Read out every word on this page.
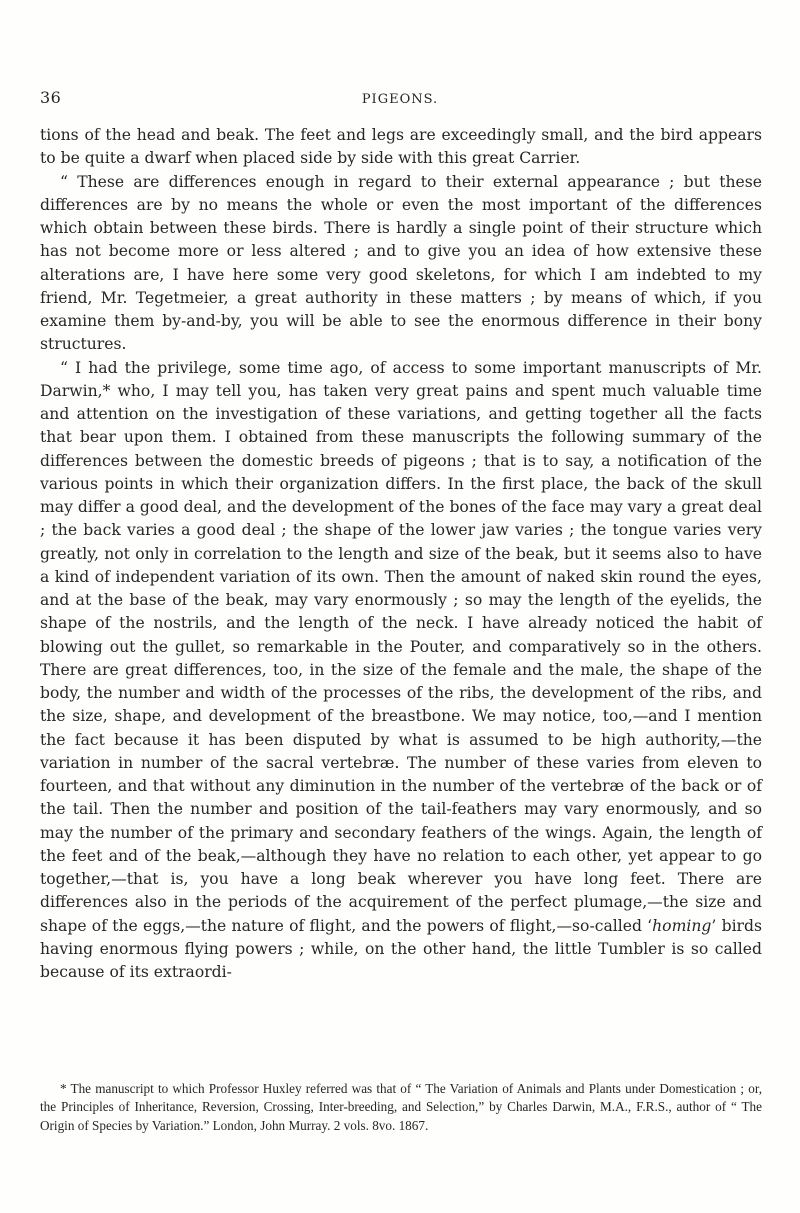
36	PIGEONS.

tions of the head and beak. The feet and legs are exceedingly small, and the bird appears to be quite a dwarf when placed side by side with this great Carrier.

“ These are differences enough in regard to their external appearance ; but these differences are by no means the whole or even the most important of the differences which obtain between these birds. There is hardly a single point of their structure which has not become more or less altered ; and to give you an idea of how extensive these alterations are, I have here some very good skeletons, for which I am indebted to my friend, Mr. Tegetmeier, a great authority in these matters ; by means of which, if you examine them by-and-by, you will be able to see the enormous difference in their bony structures.

“ I had the privilege, some time ago, of access to some important manuscripts of Mr. Darwin,* who, I may tell you, has taken very great pains and spent much valuable time and attention on the investigation of these variations, and getting together all the facts that bear upon them. I obtained from these manuscripts the following summary of the differences between the domestic breeds of pigeons ; that is to say, a notification of the various points in which their organization differs. In the first place, the back of the skull may differ a good deal, and the development of the bones of the face may vary a great deal ; the back varies a good deal ; the shape of the lower jaw varies ; the tongue varies very greatly, not only in correlation to the length and size of the beak, but it seems also to have a kind of independent variation of its own. Then the amount of naked skin round the eyes, and at the base of the beak, may vary enormously ; so may the length of the eyelids, the shape of the nostrils, and the length of the neck. I have already noticed the habit of blowing out the gullet, so remarkable in the Pouter, and comparatively so in the others. There are great differences, too, in the size of the female and the male, the shape of the body, the number and width of the processes of the ribs, the development of the ribs, and the size, shape, and development of the breastbone. We may notice, too,—and I mention the fact because it has been disputed by what is assumed to be high authority,—the variation in number of the sacral vertebræ. The number of these varies from eleven to fourteen, and that without any diminution in the number of the vertebræ of the back or of the tail. Then the number and position of the tail-feathers may vary enormously, and so may the number of the primary and secondary feathers of the wings. Again, the length of the feet and of the beak,—although they have no relation to each other, yet appear to go together,—that is, you have a long beak wherever you have long feet. There are differences also in the periods of the acquirement of the perfect plumage,—the size and shape of the eggs,—the nature of flight, and the powers of flight,—so-called ‘homing’ birds having enormous flying powers ; while, on the other hand, the little Tumbler is so called because of its extraordi-

* The manuscript to which Professor Huxley referred was that of “ The Variation of Animals and Plants under Domestication ; or, the Principles of Inheritance, Reversion, Crossing, Inter-breeding, and Selection,” by Charles Darwin, M.A., F.R.S., author of “ The Origin of Species by Variation.” London, John Murray. 2 vols. 8vo. 1867.
